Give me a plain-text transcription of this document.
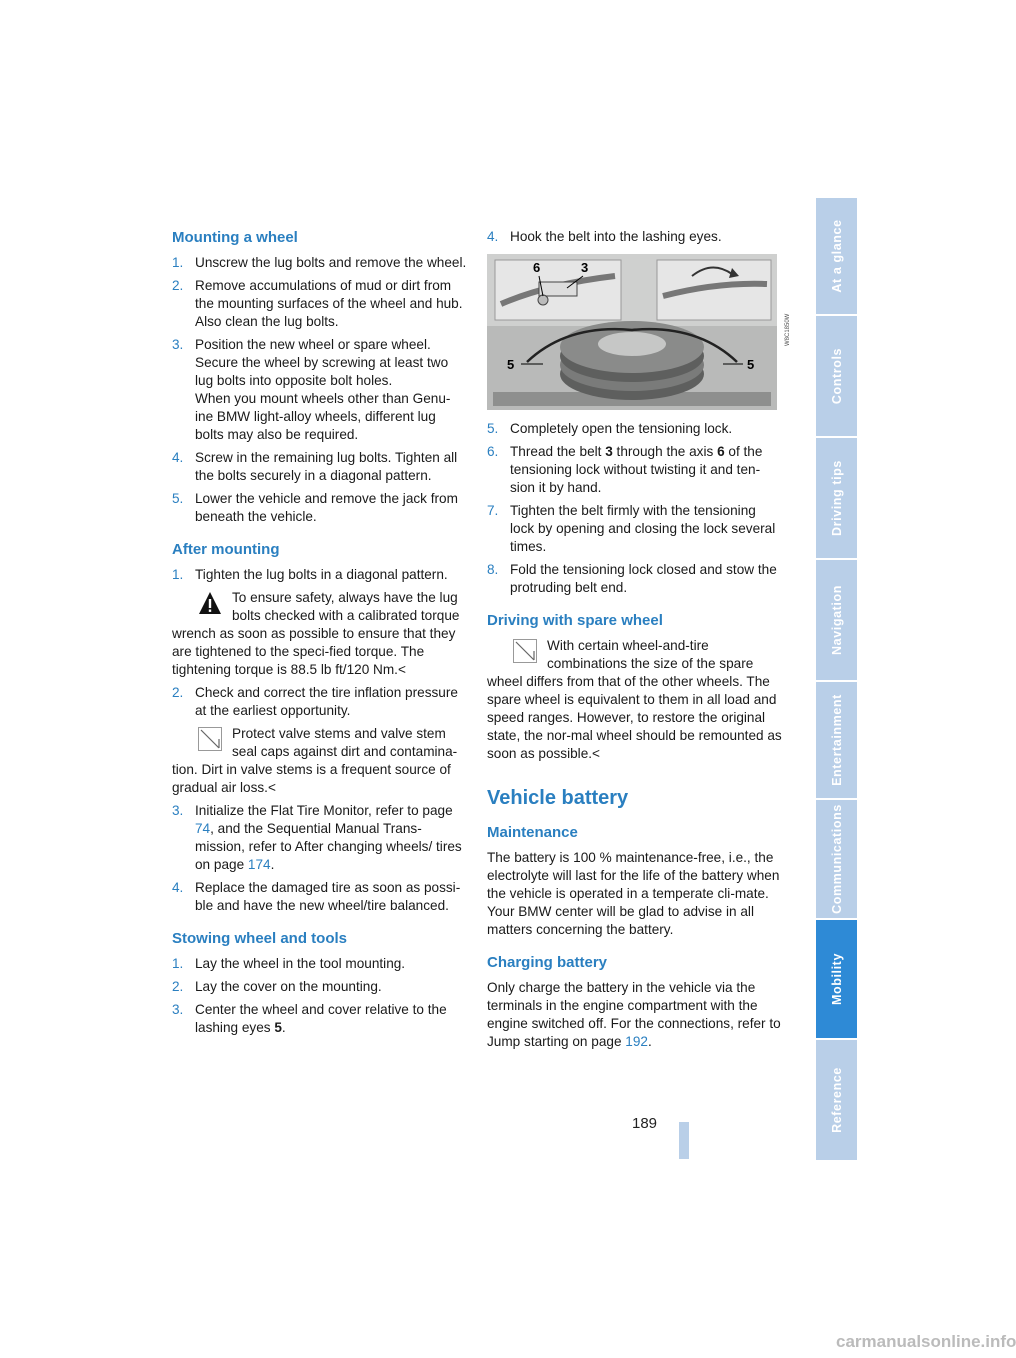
Mounting a wheel
1. Unscrew the lug bolts and remove the wheel.
2. Remove accumulations of mud or dirt from the mounting surfaces of the wheel and hub. Also clean the lug bolts.
3. Position the new wheel or spare wheel. Secure the wheel by screwing at least two lug bolts into opposite bolt holes.
When you mount wheels other than Genu-ine BMW light-alloy wheels, different lug bolts may also be required.
4. Screw in the remaining lug bolts. Tighten all the bolts securely in a diagonal pattern.
5. Lower the vehicle and remove the jack from beneath the vehicle.
After mounting
1. Tighten the lug bolts in a diagonal pattern.
To ensure safety, always have the lug bolts checked with a calibrated torque wrench as soon as possible to ensure that they are tightened to the speci-fied torque. The tightening torque is 88.5 lb ft/120 Nm.<
2. Check and correct the tire inflation pressure at the earliest opportunity.
Protect valve stems and valve stem seal caps against dirt and contamina-tion. Dirt in valve stems is a frequent source of gradual air loss.<
3. Initialize the Flat Tire Monitor, refer to page 74, and the Sequential Manual Trans-mission, refer to After changing wheels/ tires on page 174.
4. Replace the damaged tire as soon as possi-ble and have the new wheel/tire balanced.
Stowing wheel and tools
1. Lay the wheel in the tool mounting.
2. Lay the cover on the mounting.
3. Center the wheel and cover relative to the lashing eyes 5.
4. Hook the belt into the lashing eyes.
6	3
5	5
W8C1850W
5. Completely open the tensioning lock.
6. Thread the belt 3 through the axis 6 of the tensioning lock without twisting it and ten-sion it by hand.
7. Tighten the belt firmly with the tensioning lock by opening and closing the lock several times.
8. Fold the tensioning lock closed and stow the protruding belt end.
Driving with spare wheel
With certain wheel-and-tire combinations the size of the spare wheel differs from that of the other wheels. The spare wheel is equivalent to them in all load and speed ranges. However, to restore the original state, the nor-mal wheel should be remounted as soon as possible.<
Vehicle battery
Maintenance

The battery is 100 % maintenance-free, i.e., the electrolyte will last for the life of the battery when the vehicle is operated in a temperate cli-mate.

Your BMW center will be glad to advise in all matters concerning the battery.

Charging battery

Only charge the battery in the vehicle via the terminals in the engine compartment with the engine switched off. For the connections, refer to Jump starting on page 192.

At a glance
Controls
Driving tips
Navigation
Entertainment
Communications
Mobility
Reference
189
carmanualsonline.info
